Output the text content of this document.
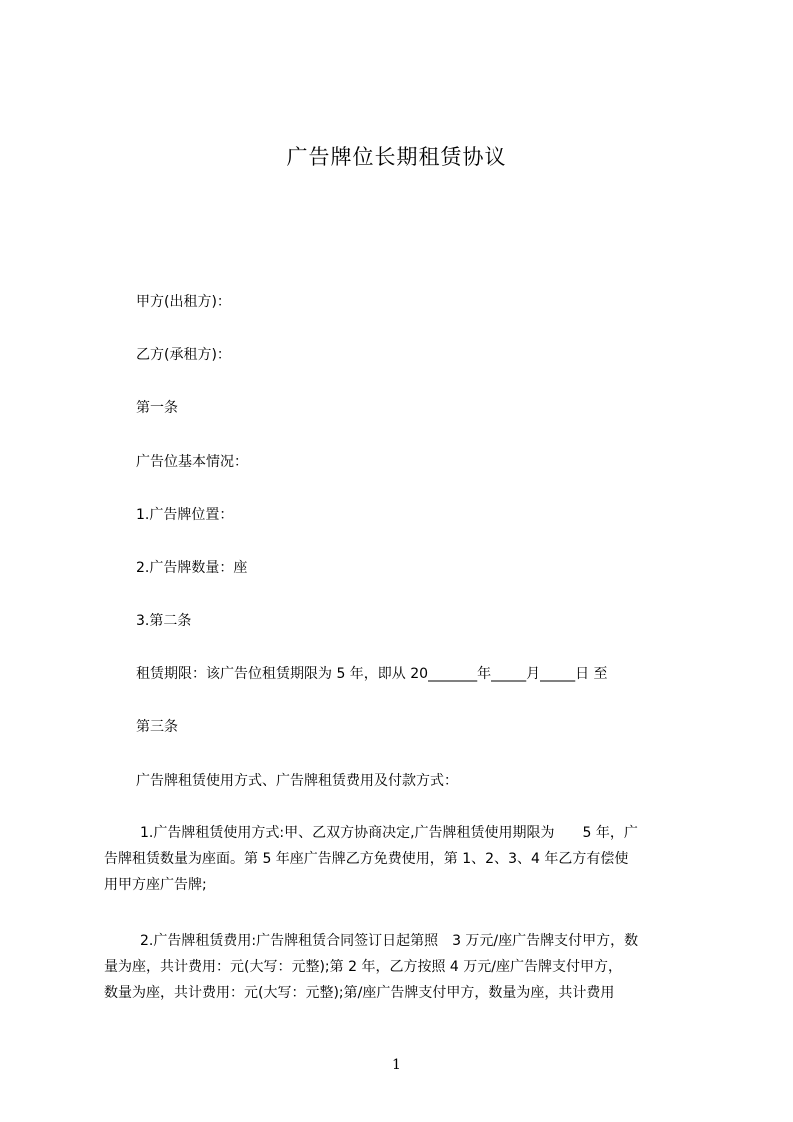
广告牌位长期租赁协议
甲方(出租方)：
乙方(承租方)：
第一条
广告位基本情况：
1.广告牌位置：
2.广告牌数量：座
3.第二条
租赁期限：该广告位租赁期限为 5 年，即从 20_______年_____月_____日 至
第三条
广告牌租赁使用方式、广告牌租赁费用及付款方式：
1.广告牌租赁使用方式:甲、乙双方协商决定,广告牌租赁使用期限为　　5 年，广
告牌租赁数量为座面。第 5 年座广告牌乙方免费使用，第 1、2、3、4 年乙方有偿使
用甲方座广告牌;
2.广告牌租赁费用:广告牌租赁合同签订日起第照　3 万元/座广告牌支付甲方，数
量为座，共计费用：元(大写：元整);第 2 年，乙方按照 4 万元/座广告牌支付甲方，
数量为座，共计费用：元(大写：元整);第/座广告牌支付甲方，数量为座，共计费用
1
